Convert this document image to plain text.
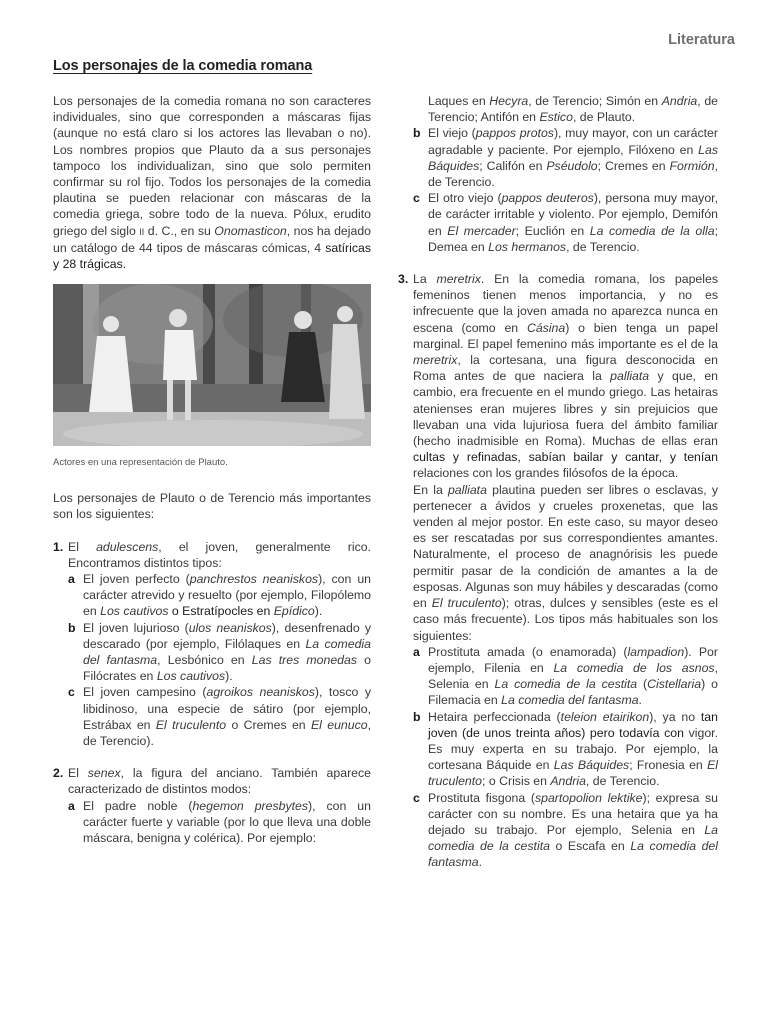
Literatura
Los personajes de la comedia romana

Los personajes de la comedia romana no son caracteres individuales, sino que corresponden a máscaras fijas (aunque no está claro si los actores las llevaban o no). Los nombres propios que Plauto da a sus personajes tampoco los individualizan, sino que solo permiten confirmar su rol fijo. Todos los personajes de la comedia plautina se pueden relacionar con máscaras de la comedia griega, sobre todo de la nueva. Pólux, erudito griego del siglo II d. C., en su Onomasticon, nos ha dejado un catálogo de 44 tipos de máscaras cómicas, 4 satíricas y 28 trágicas.

Actores en una representación de Plauto.

Los personajes de Plauto o de Terencio más importantes son los siguientes:

1. El adulescens, el joven, generalmente rico. Encontramos distintos tipos:
a El joven perfecto (panchrestos neaniskos), con un carácter atrevido y resuelto (por ejemplo, Filopólemo en Los cautivos o Estratípocles en Epídico).
b El joven lujurioso (ulos neaniskos), desenfrenado y descarado (por ejemplo, Filólaques en La comedia del fantasma, Lesbónico en Las tres monedas o Filócrates en Los cautivos).
c El joven campesino (agroikos neaniskos), tosco y libidinoso, una especie de sátiro (por ejemplo, Estrábax en El truculento o Cremes en El eunuco, de Terencio).
2. El senex, la figura del anciano. También aparece caracterizado de distintos modos:
a El padre noble (hegemon presbytes), con un carácter fuerte y variable (por lo que lleva una doble máscara, benigna y colérica). Por ejemplo:
Laques en Hecyra, de Terencio; Simón en Andria, de Terencio; Antifón en Estico, de Plauto.
b El viejo (pappos protos), muy mayor, con un carácter agradable y paciente. Por ejemplo, Filóxeno en Las Báquides; Califón en Pséudolo; Cremes en Formión, de Terencio.
c El otro viejo (pappos deuteros), persona muy mayor, de carácter irritable y violento. Por ejemplo, Demifón en El mercader; Euclión en La comedia de la olla; Demea en Los hermanos, de Terencio.
3. La meretrix. En la comedia romana, los papeles femeninos tienen menos importancia, y no es infrecuente que la joven amada no aparezca nunca en escena (como en Cásina) o bien tenga un papel marginal. El papel femenino más importante es el de la meretrix, la cortesana, una figura desconocida en Roma antes de que naciera la palliata y que, en cambio, era frecuente en el mundo griego. Las hetairas atenienses eran mujeres libres y sin prejuicios que llevaban una vida lujuriosa fuera del ámbito familiar (hecho inadmisible en Roma). Muchas de ellas eran cultas y refinadas, sabían bailar y cantar, y tenían relaciones con los grandes filósofos de la época.
En la palliata plautina pueden ser libres o esclavas, y pertenecer a ávidos y crueles proxenetas, que las venden al mejor postor. En este caso, su mayor deseo es ser rescatadas por sus correspondientes amantes. Naturalmente, el proceso de anagnórisis les puede permitir pasar de la condición de amantes a la de esposas. Algunas son muy hábiles y descaradas (como en El truculento); otras, dulces y sensibles (este es el caso más frecuente). Los tipos más habituales son los siguientes:
a Prostituta amada (o enamorada) (lampadion). Por ejemplo, Filenia en La comedia de los asnos, Selenia en La comedia de la cestita (Cistellaria) o Filemacia en La comedia del fantasma.
b Hetaira perfeccionada (teleion etairikon), ya no tan joven (de unos treinta años) pero todavía con vigor. Es muy experta en su trabajo. Por ejemplo, la cortesana Báquide en Las Báquides; Fronesia en El truculento; o Crisis en Andria, de Terencio.
c Prostituta fisgona (spartopolion lektike); expresa su carácter con su nombre. Es una hetaira que ya ha dejado su trabajo. Por ejemplo, Selenia en La comedia de la cestita o Escafa en La comedia del fantasma.
